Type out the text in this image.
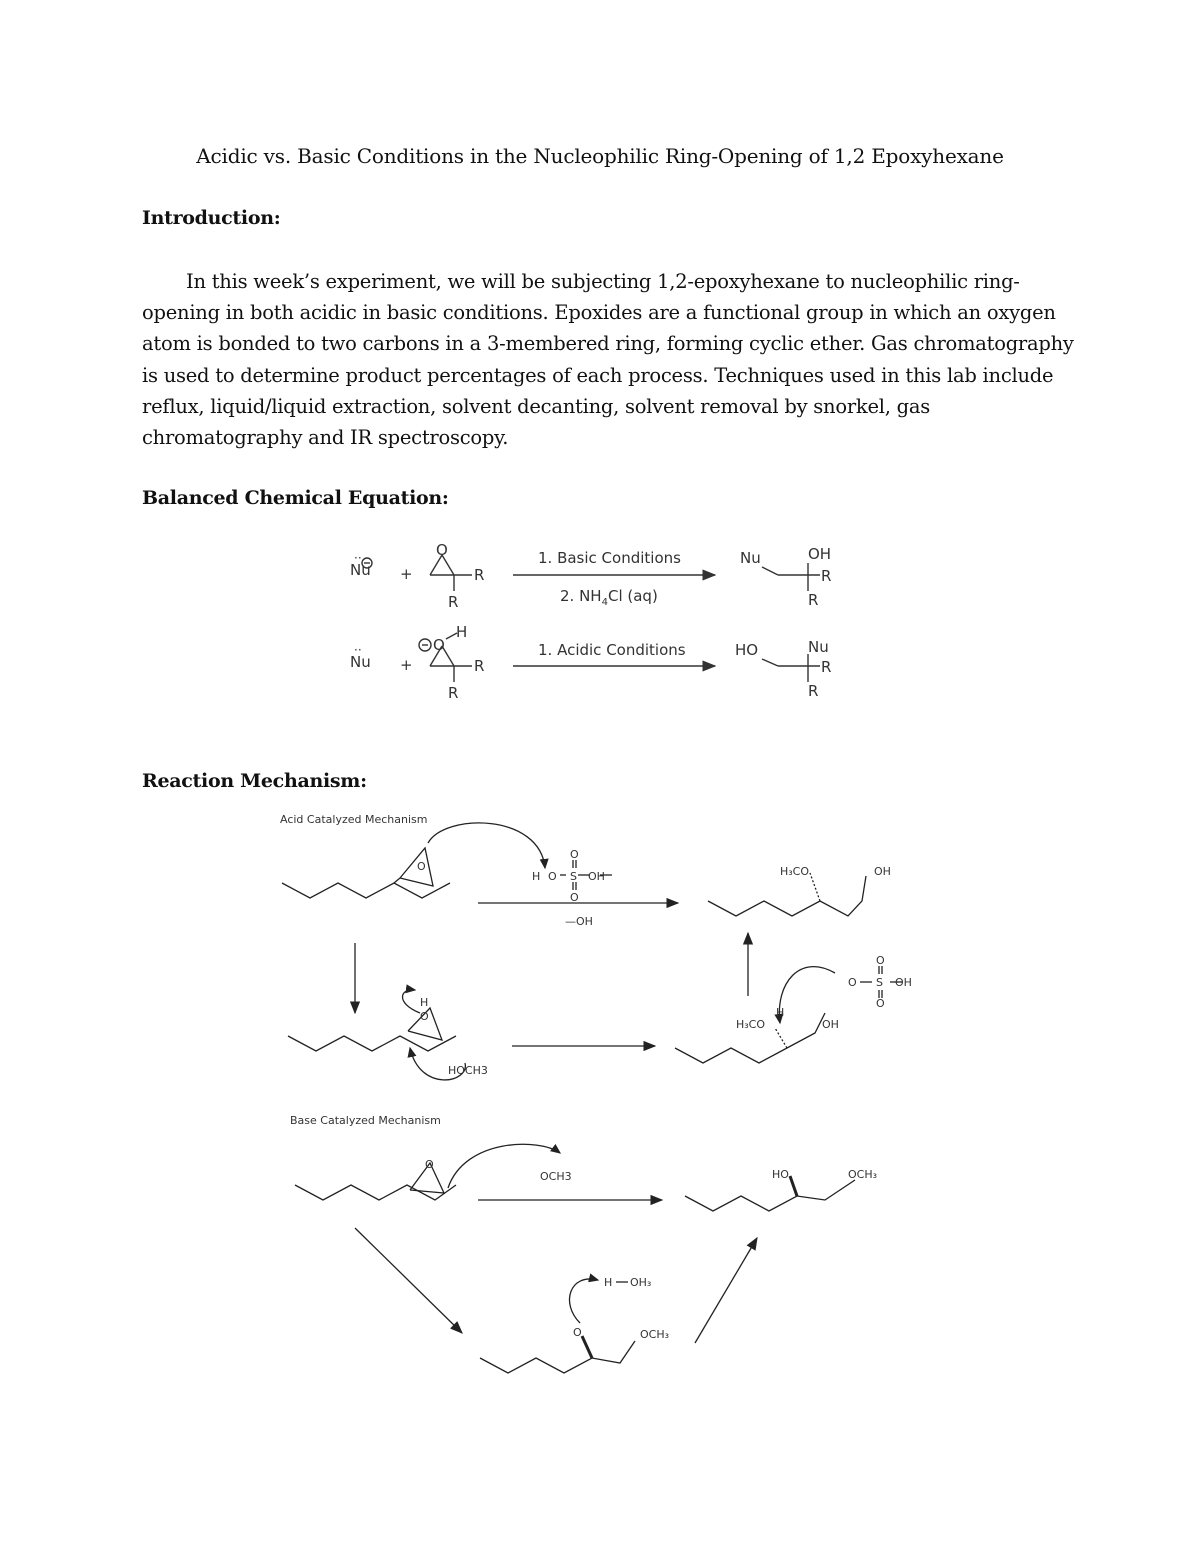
Acidic vs. Basic Conditions in the Nucleophilic Ring-Opening of 1,2 Epoxyhexane
Introduction:
In this week’s experiment, we will be subjecting 1,2-epoxyhexane to nucleophilic ring-
opening in both acidic in basic conditions. Epoxides are a functional group in which an oxygen
atom is bonded to two carbons in a 3-membered ring, forming cyclic ether. Gas chromatography
is used to determine product percentages of each process. Techniques used in this lab include
reflux, liquid/liquid extraction, solvent decanting, solvent removal by snorkel, gas
chromatography and IR spectroscopy.
Balanced Chemical Equation:
Nu
··
+
O
R
R
1. Basic Conditions
2. $NH_4Cl$ (aq)
Nu	OH
R
R
Nu
··
+
O
H
R
R
1. Acidic Conditions	HO	Nu
R
R
Reaction Mechanism:
Acid Catalyzed Mechanism
O
H O
O
S
O
OH
—OH
H₃CO	OH
H
O
HOCH3
H₃CO
H
OH
O
O
S
O
OH
Base Catalyzed Mechanism
O
OCH3	HO	OCH₃
H OH₃
O	OCH₃
